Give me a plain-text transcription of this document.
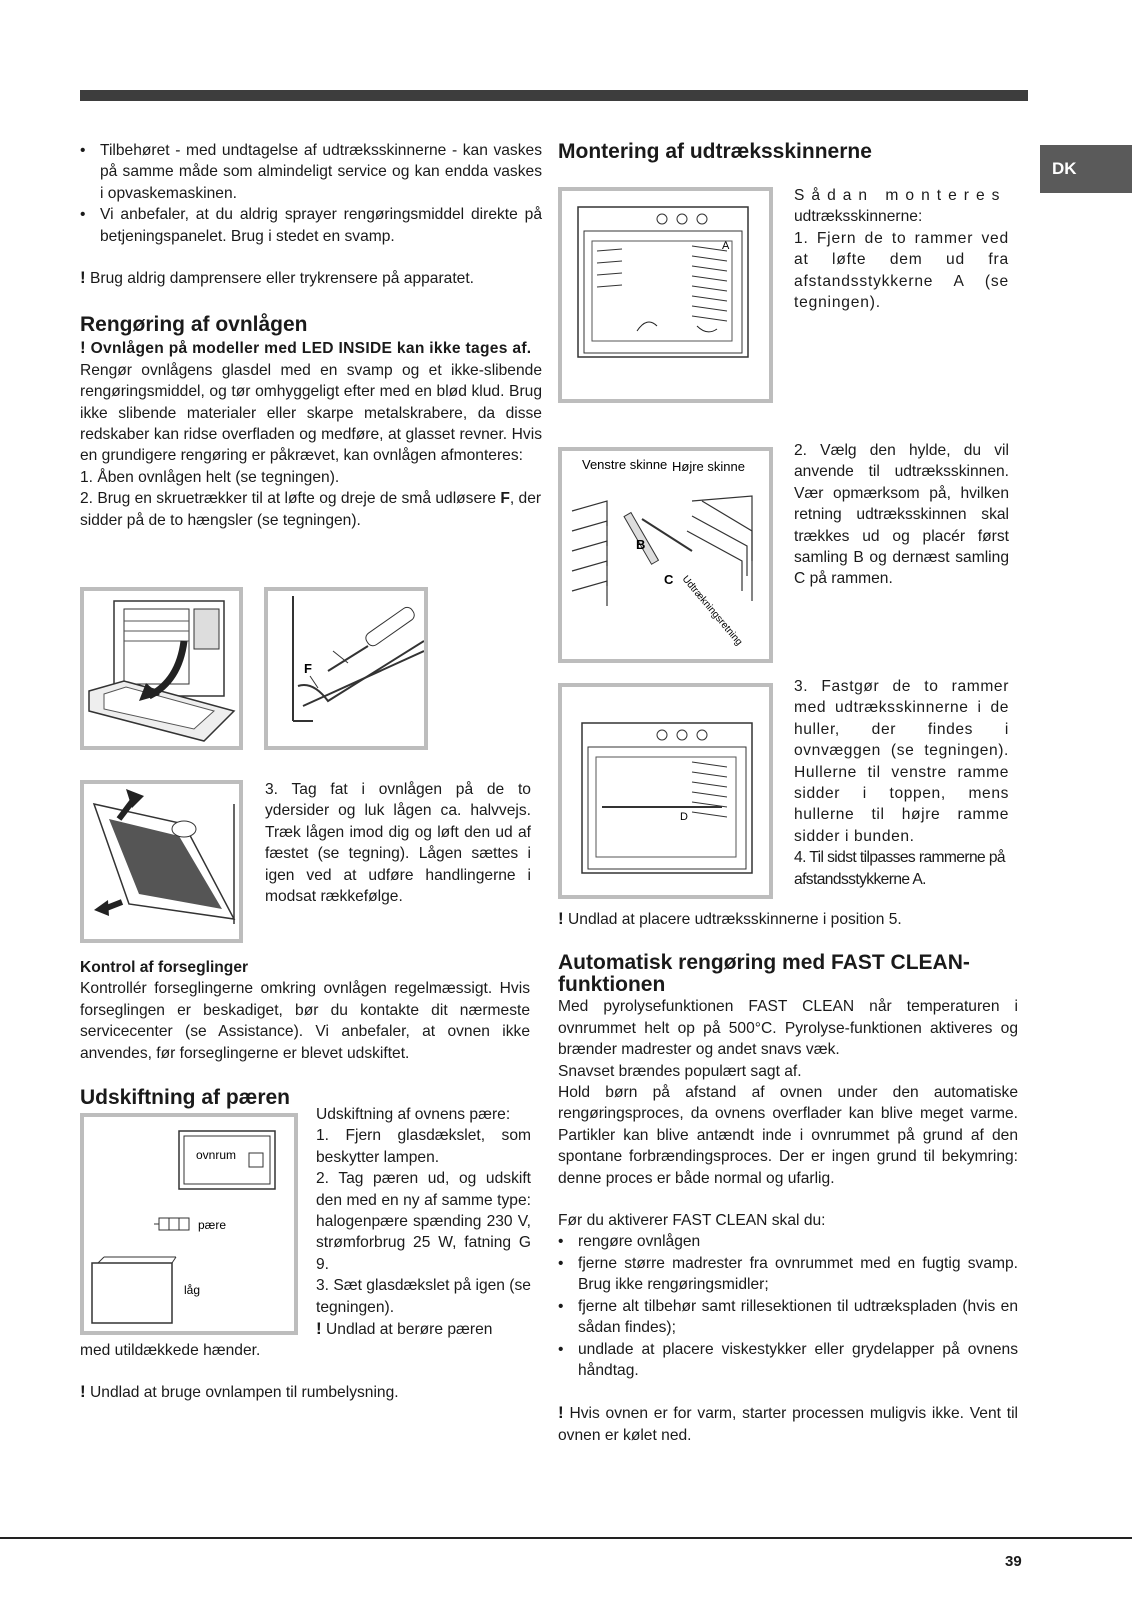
DK
• Tilbehøret - med undtagelse af udtræksskinnerne - kan vaskes på samme måde som almindeligt service og kan endda vaskes i opvaskemaskinen.
• Vi anbefaler, at du aldrig sprayer rengøringsmiddel direkte på betjeningspanelet. Brug i stedet en svamp.

! Brug aldrig damprensere eller trykrensere på apparatet.

Rengøring af ovnlågen

! Ovnlågen på modeller med LED INSIDE kan ikke tages af.

Rengør ovnlågens glasdel med en svamp og et ikke-slibende rengøringsmiddel, og tør omhyggeligt efter med en blød klud. Brug ikke slibende materialer eller skarpe metalskrabere, da disse redskaber kan ridse overfladen og medføre, at glasset revner. Hvis en grundigere rengøring er påkrævet, kan ovnlågen afmonteres:

1. Åben ovnlågen helt (se tegningen).

2. Brug en skruetrækker til at løfte og dreje de små udløsere F, der sidder på de to hængsler (se tegningen).

F

3. Tag fat i ovnlågen på de to ydersider og luk lågen ca. halvvejs. Træk lågen imod dig og løft den ud af fæstet (se tegning). Lågen sættes i igen ved at udføre handlingerne i modsat rækkefølge.

Kontrol af forseglinger

Kontrollér forseglingerne omkring ovnlågen regelmæssigt. Hvis forseglingen er beskadiget, bør du kontakte dit nærmeste servicecenter (se Assistance). Vi anbefaler, at ovnen ikke anvendes, før forseglingerne er blevet udskiftet.

Udskiftning af pæren
ovnrum
pære
låg

Udskiftning af ovnens pære:

1. Fjern glasdækslet, som beskytter lampen.

2. Tag pæren ud, og udskift den med en ny af samme type: halogenpære spænding 230 V, strømforbrug 25 W, fatning G 9.

3. Sæt glasdækslet på igen (se tegningen).

! Undlad at berøre pæren

med utildækkede hænder.

! Undlad at bruge ovnlampen til rumbelysning.

Montering af udtræksskinnerne
A

Sådan monteres

udtræksskinnerne:

1. Fjern de to rammer ved at løfte dem ud fra afstandsstykkerne A (se tegningen).

Venstre skinne Højre skinne
B
C Udtrækningsretning

2. Vælg den hylde, du vil anvende til udtræksskinnen. Vær opmærksom på, hvilken retning udtræksskinnen skal trækkes ud og placér først samling B og dernæst samling C på rammen.

D

3. Fastgør de to rammer med udtræksskinnerne i de huller, der findes i ovnvæggen (se tegningen). Hullerne til venstre ramme sidder i toppen, mens hullerne til højre ramme sidder i bunden.

4. Til sidst tilpasses rammerne på afstandsstykkerne A.

! Undlad at placere udtræksskinnerne i position 5.

Automatisk rengøring med FAST CLEAN-funktionen

Med pyrolysefunktionen FAST CLEAN når temperaturen i ovnrummet helt op på 500°C. Pyrolyse-funktionen aktiveres og brænder madrester og andet snavs væk.

Snavset brændes populært sagt af.

Hold børn på afstand af ovnen under den automatiske rengøringsproces, da ovnens overflader kan blive meget varme. Partikler kan blive antændt inde i ovnrummet på grund af den spontane forbrændingsproces. Der er ingen grund til bekymring: denne proces er både normal og ufarlig.

Før du aktiverer FAST CLEAN skal du:

• rengøre ovnlågen
• fjerne større madrester fra ovnrummet med en fugtig svamp. Brug ikke rengøringsmidler;
• fjerne alt tilbehør samt rillesektionen til udtrækspladen (hvis en sådan findes);
• undlade at placere viskestykker eller grydelapper på ovnens håndtag.

! Hvis ovnen er for varm, starter processen muligvis ikke. Vent til ovnen er kølet ned.

39
